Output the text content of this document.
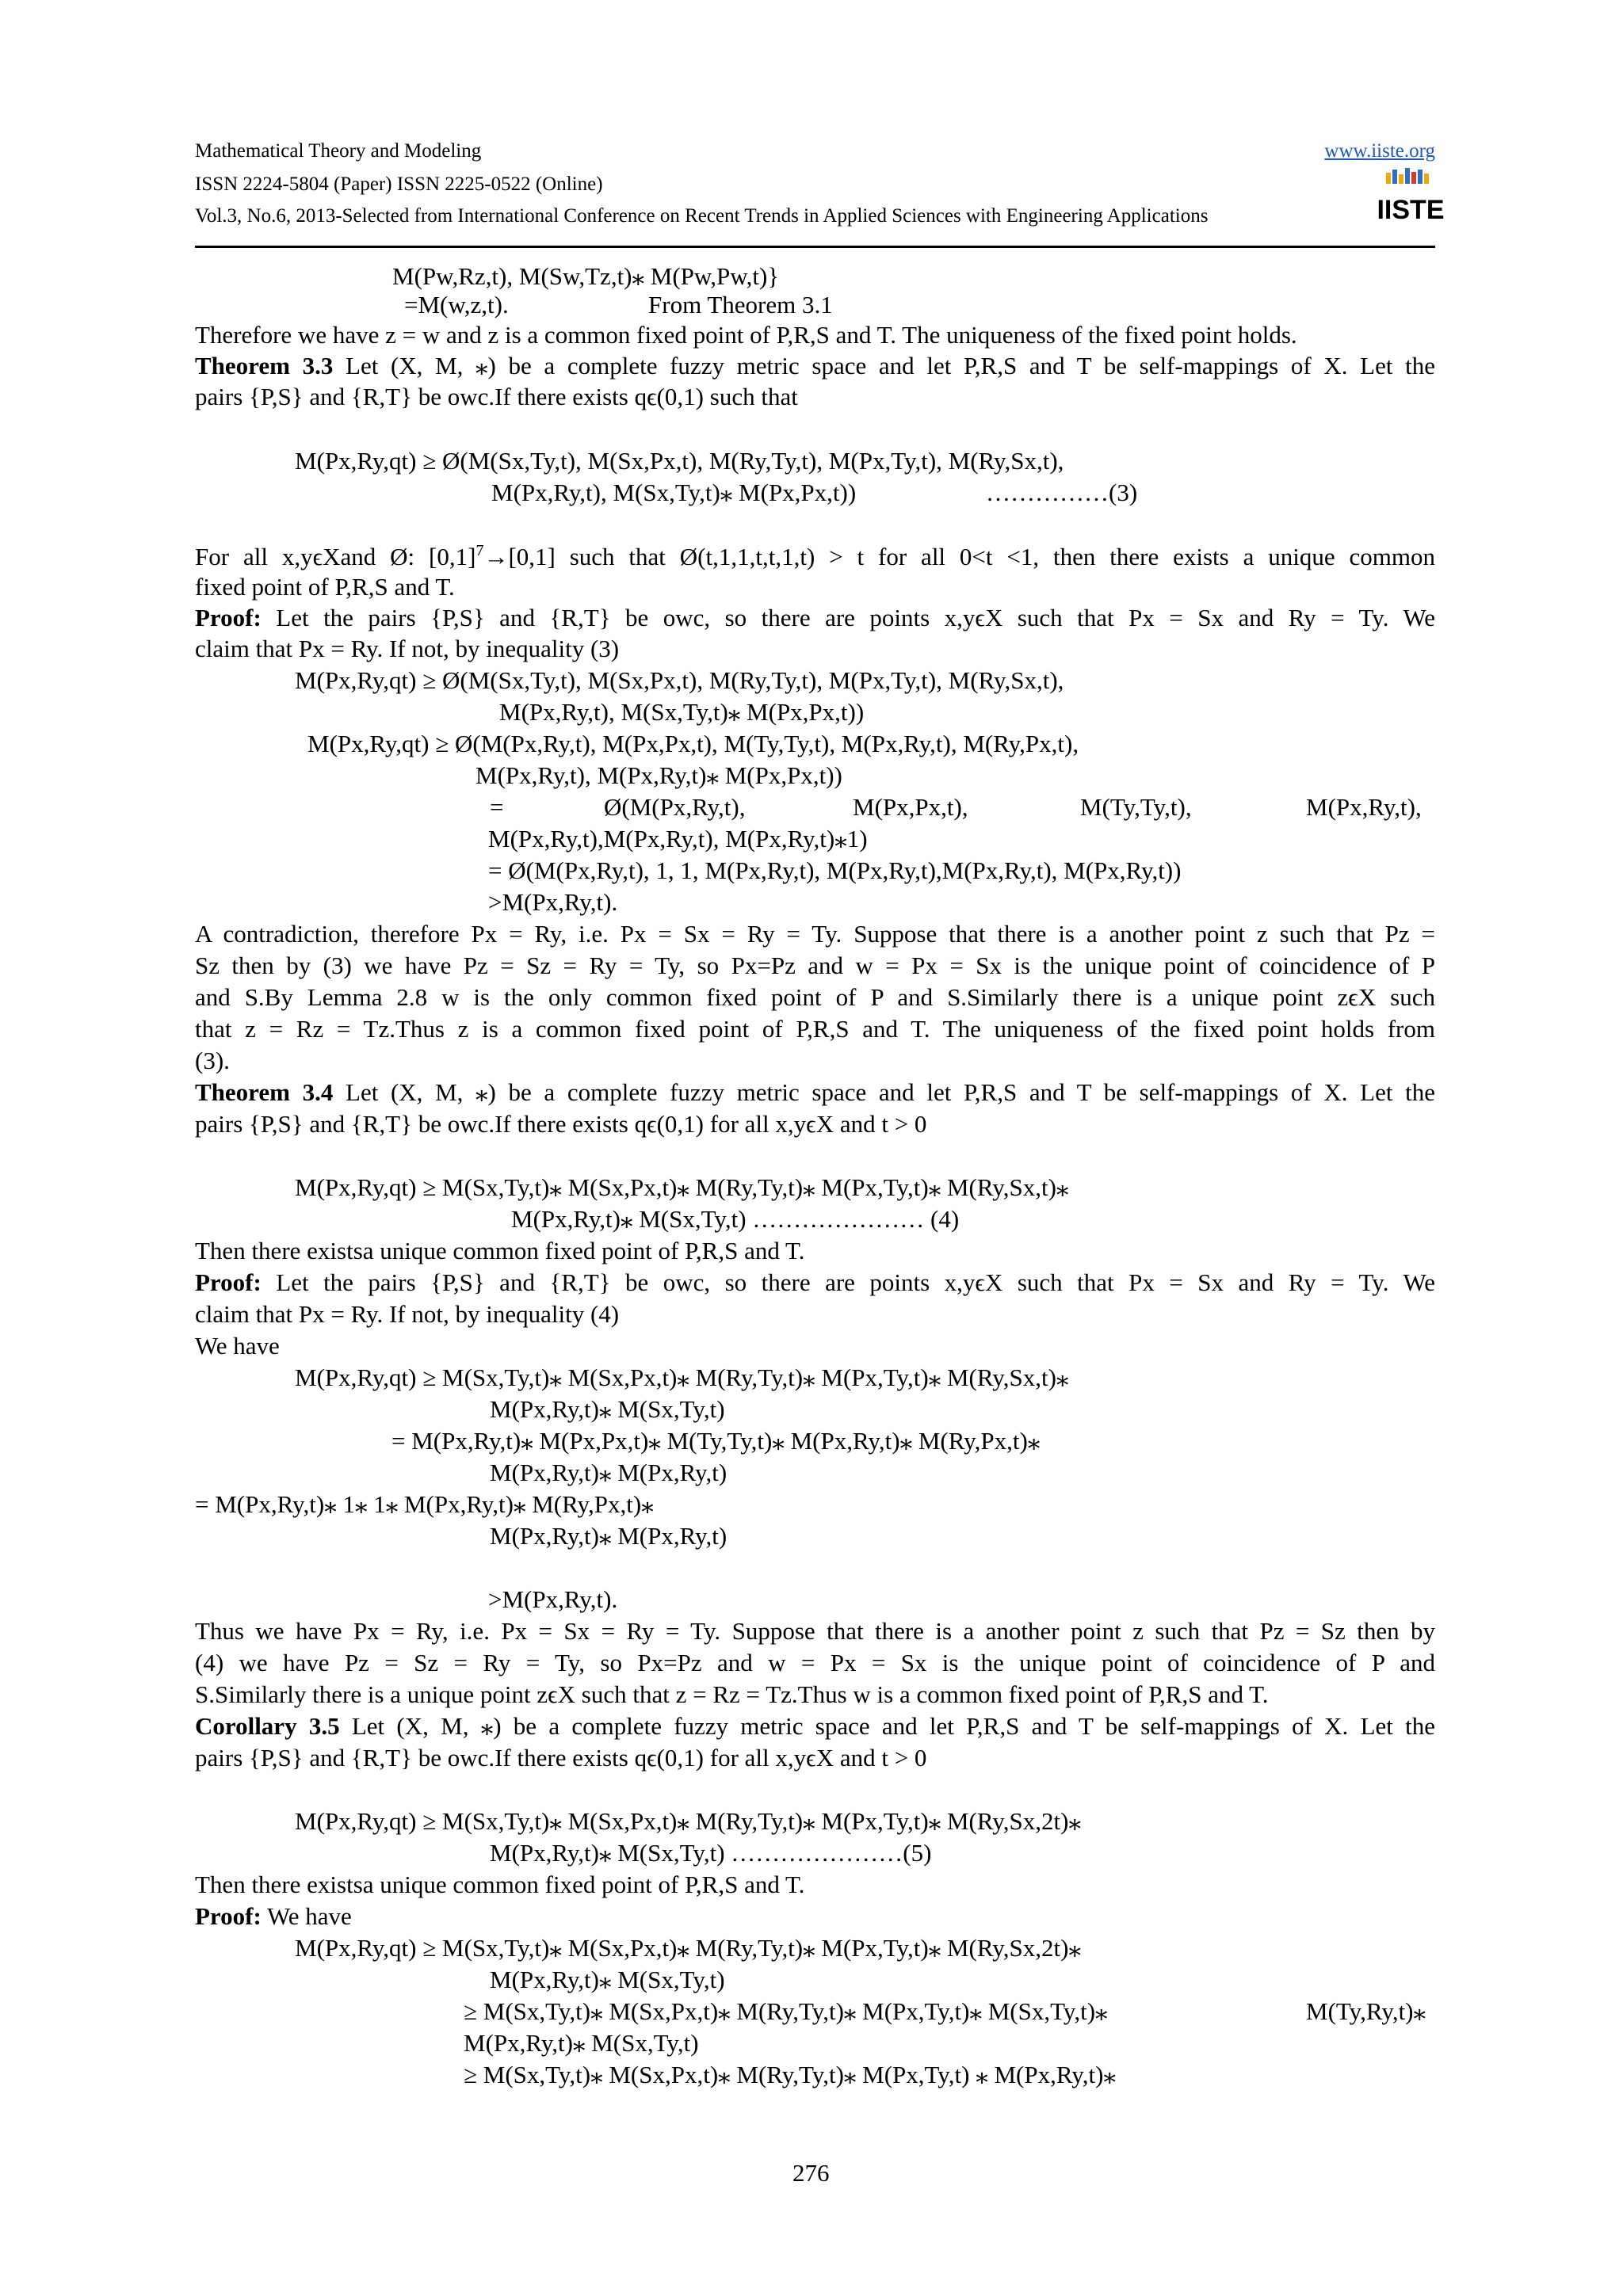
Mathematical Theory and Modeling	www.iiste.org
ISSN 2224-5804 (Paper) ISSN 2225-0522 (Online)
Vol.3, No.6, 2013-Selected from International Conference on Recent Trends in Applied Sciences with Engineering Applications	IISTE
M(Pw,Rz,t), M(Sw,Tz,t)⁎ M(Pw,Pw,t)}
=M(w,z,t).	From Theorem 3.1
Therefore we have z = w and z is a common fixed point of P,R,S and T. The uniqueness of the fixed point holds.
Theorem 3.3 Let (X, M, ⁎) be a complete fuzzy metric space and let P,R,S and T be self-mappings of X. Let the
pairs {P,S} and {R,T} be owc.If there exists qϵ(0,1) such that
M(Px,Ry,qt) ≥ Ø(M(Sx,Ty,t), M(Sx,Px,t), M(Ry,Ty,t), M(Px,Ty,t), M(Ry,Sx,t),
M(Px,Ry,t), M(Sx,Ty,t)⁎ M(Px,Px,t))	……………(3)
For all x,yϵXand Ø: $[0,1]^7\to[0,1]$ such that Ø(t,1,1,t,t,1,t) > t for all 0<t <1, then there exists a unique common
fixed point of P,R,S and T.
Proof: Let the pairs {P,S} and {R,T} be owc, so there are points x,yϵX such that Px = Sx and Ry = Ty. We
claim that Px = Ry. If not, by inequality (3)
M(Px,Ry,qt) ≥ Ø(M(Sx,Ty,t), M(Sx,Px,t), M(Ry,Ty,t), M(Px,Ty,t), M(Ry,Sx,t),
M(Px,Ry,t), M(Sx,Ty,t)⁎ M(Px,Px,t))
M(Px,Ry,qt) ≥ Ø(M(Px,Ry,t), M(Px,Px,t), M(Ty,Ty,t), M(Px,Ry,t), M(Ry,Px,t),
M(Px,Ry,t), M(Px,Ry,t)⁎ M(Px,Px,t))
=	Ø(M(Px,Ry,t),	M(Px,Px,t),	M(Ty,Ty,t),	M(Px,Ry,t),
M(Px,Ry,t),M(Px,Ry,t), M(Px,Ry,t)⁎1)
= Ø(M(Px,Ry,t), 1, 1, M(Px,Ry,t), M(Px,Ry,t),M(Px,Ry,t), M(Px,Ry,t))
>M(Px,Ry,t).
A contradiction, therefore Px = Ry, i.e. Px = Sx = Ry = Ty. Suppose that there is a another point z such that Pz =
Sz then by (3) we have Pz = Sz = Ry = Ty, so Px=Pz and w = Px = Sx is the unique point of coincidence of P
and S.By Lemma 2.8 w is the only common fixed point of P and S.Similarly there is a unique point zϵX such
that z = Rz = Tz.Thus z is a common fixed point of P,R,S and T. The uniqueness of the fixed point holds from
(3).
Theorem 3.4 Let (X, M, ⁎) be a complete fuzzy metric space and let P,R,S and T be self-mappings of X. Let the
pairs {P,S} and {R,T} be owc.If there exists qϵ(0,1) for all x,yϵX and t > 0
M(Px,Ry,qt) ≥ M(Sx,Ty,t)⁎ M(Sx,Px,t)⁎ M(Ry,Ty,t)⁎ M(Px,Ty,t)⁎ M(Ry,Sx,t)⁎
M(Px,Ry,t)⁎ M(Sx,Ty,t) ………………… (4)
Then there existsa unique common fixed point of P,R,S and T.
Proof: Let the pairs {P,S} and {R,T} be owc, so there are points x,yϵX such that Px = Sx and Ry = Ty. We
claim that Px = Ry. If not, by inequality (4)
We have
M(Px,Ry,qt) ≥ M(Sx,Ty,t)⁎ M(Sx,Px,t)⁎ M(Ry,Ty,t)⁎ M(Px,Ty,t)⁎ M(Ry,Sx,t)⁎
M(Px,Ry,t)⁎ M(Sx,Ty,t)
= M(Px,Ry,t)⁎ M(Px,Px,t)⁎ M(Ty,Ty,t)⁎ M(Px,Ry,t)⁎ M(Ry,Px,t)⁎
M(Px,Ry,t)⁎ M(Px,Ry,t)
= M(Px,Ry,t)⁎ 1⁎ 1⁎ M(Px,Ry,t)⁎ M(Ry,Px,t)⁎
M(Px,Ry,t)⁎ M(Px,Ry,t)
>M(Px,Ry,t).
Thus we have Px = Ry, i.e. Px = Sx = Ry = Ty. Suppose that there is a another point z such that Pz = Sz then by
(4) we have Pz = Sz = Ry = Ty, so Px=Pz and w = Px = Sx is the unique point of coincidence of P and
S.Similarly there is a unique point zϵX such that z = Rz = Tz.Thus w is a common fixed point of P,R,S and T.
Corollary 3.5 Let (X, M, ⁎) be a complete fuzzy metric space and let P,R,S and T be self-mappings of X. Let the
pairs {P,S} and {R,T} be owc.If there exists qϵ(0,1) for all x,yϵX and t > 0
M(Px,Ry,qt) ≥ M(Sx,Ty,t)⁎ M(Sx,Px,t)⁎ M(Ry,Ty,t)⁎ M(Px,Ty,t)⁎ M(Ry,Sx,2t)⁎
M(Px,Ry,t)⁎ M(Sx,Ty,t) …………………(5)
Then there existsa unique common fixed point of P,R,S and T.
Proof: We have
M(Px,Ry,qt) ≥ M(Sx,Ty,t)⁎ M(Sx,Px,t)⁎ M(Ry,Ty,t)⁎ M(Px,Ty,t)⁎ M(Ry,Sx,2t)⁎
M(Px,Ry,t)⁎ M(Sx,Ty,t)
≥ M(Sx,Ty,t)⁎ M(Sx,Px,t)⁎ M(Ry,Ty,t)⁎ M(Px,Ty,t)⁎ M(Sx,Ty,t)⁎	M(Ty,Ry,t)⁎
M(Px,Ry,t)⁎ M(Sx,Ty,t)
≥ M(Sx,Ty,t)⁎ M(Sx,Px,t)⁎ M(Ry,Ty,t)⁎ M(Px,Ty,t) ⁎ M(Px,Ry,t)⁎
276
